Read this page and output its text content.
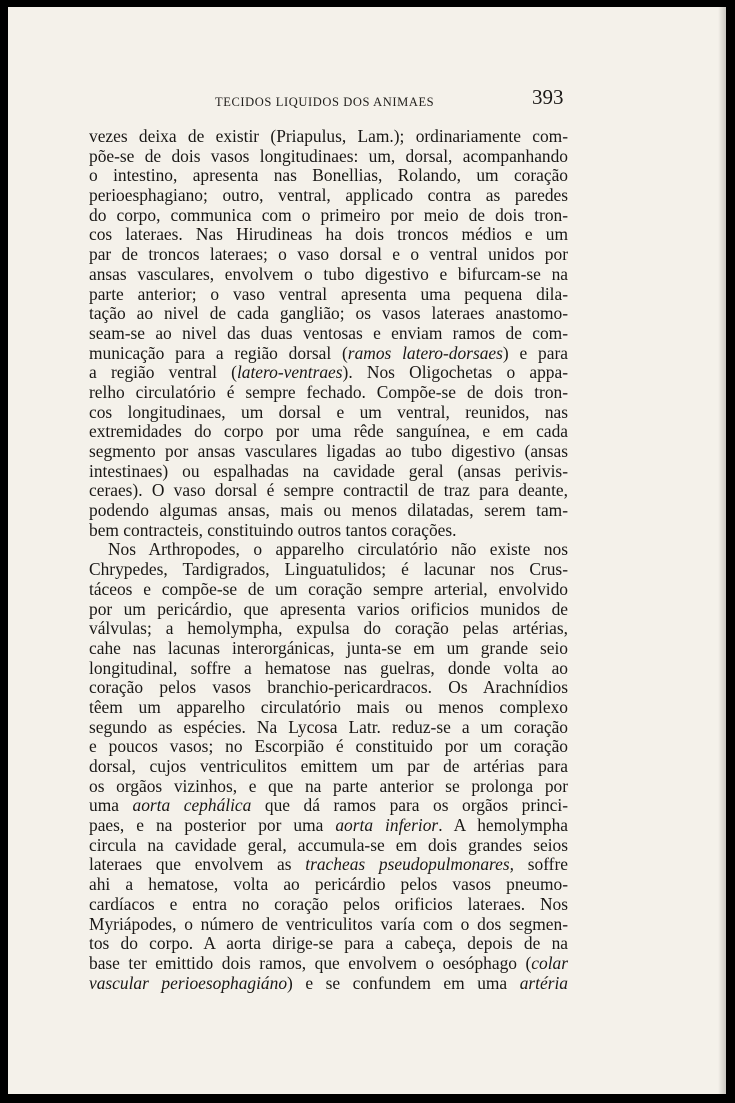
TECIDOS LIQUIDOS DOS ANIMAES	393
vezes deixa de existir (Priapulus, Lam.); ordinariamente com-
põe-se de dois vasos longitudinaes: um, dorsal, acompanhando
o intestino, apresenta nas Bonellias, Rolando, um coração
perioesphagiano; outro, ventral, applicado contra as paredes
do corpo, communica com o primeiro por meio de dois tron-
cos lateraes. Nas Hirudineas ha dois troncos médios e um
par de troncos lateraes; o vaso dorsal e o ventral unidos por
ansas vasculares, envolvem o tubo digestivo e bifurcam-se na
parte anterior; o vaso ventral apresenta uma pequena dila-
tação ao nivel de cada ganglião; os vasos lateraes anastomo-
seam-se ao nivel das duas ventosas e enviam ramos de com-
municação para a região dorsal (ramos latero-dorsaes) e para
a região ventral (latero-ventraes). Nos Oligochetas o appa-
relho circulatório é sempre fechado. Compõe-se de dois tron-
cos longitudinaes, um dorsal e um ventral, reunidos, nas
extremidades do corpo por uma rêde sanguínea, e em cada
segmento por ansas vasculares ligadas ao tubo digestivo (ansas
intestinaes) ou espalhadas na cavidade geral (ansas perivis-
ceraes). O vaso dorsal é sempre contractil de traz para deante,
podendo algumas ansas, mais ou menos dilatadas, serem tam-
bem contracteis, constituindo outros tantos corações.
Nos Arthropodes, o apparelho circulatório não existe nos
Chrypedes, Tardigrados, Linguatulidos; é lacunar nos Crus-
táceos e compõe-se de um coração sempre arterial, envolvido
por um pericárdio, que apresenta varios orificios munidos de
válvulas; a hemolympha, expulsa do coração pelas artérias,
cahe nas lacunas interorgánicas, junta-se em um grande seio
longitudinal, soffre a hematose nas guelras, donde volta ao
coração pelos vasos branchio-pericardracos. Os Arachnídios
têem um apparelho circulatório mais ou menos complexo
segundo as espécies. Na Lycosa Latr. reduz-se a um coração
e poucos vasos; no Escorpião é constituido por um coração
dorsal, cujos ventriculitos emittem um par de artérias para
os orgãos vizinhos, e que na parte anterior se prolonga por
uma aorta cephálica que dá ramos para os orgãos princi-
paes, e na posterior por uma aorta inferior. A hemolympha
circula na cavidade geral, accumula-se em dois grandes seios
lateraes que envolvem as tracheas pseudopulmonares, soffre
ahi a hematose, volta ao pericárdio pelos vasos pneumo-
cardíacos e entra no coração pelos orificios lateraes. Nos
Myriápodes, o número de ventriculitos varía com o dos segmen-
tos do corpo. A aorta dirige-se para a cabeça, depois de na
base ter emittido dois ramos, que envolvem o oesóphago (colar
vascular perioesophagiáno) e se confundem em uma artéria
